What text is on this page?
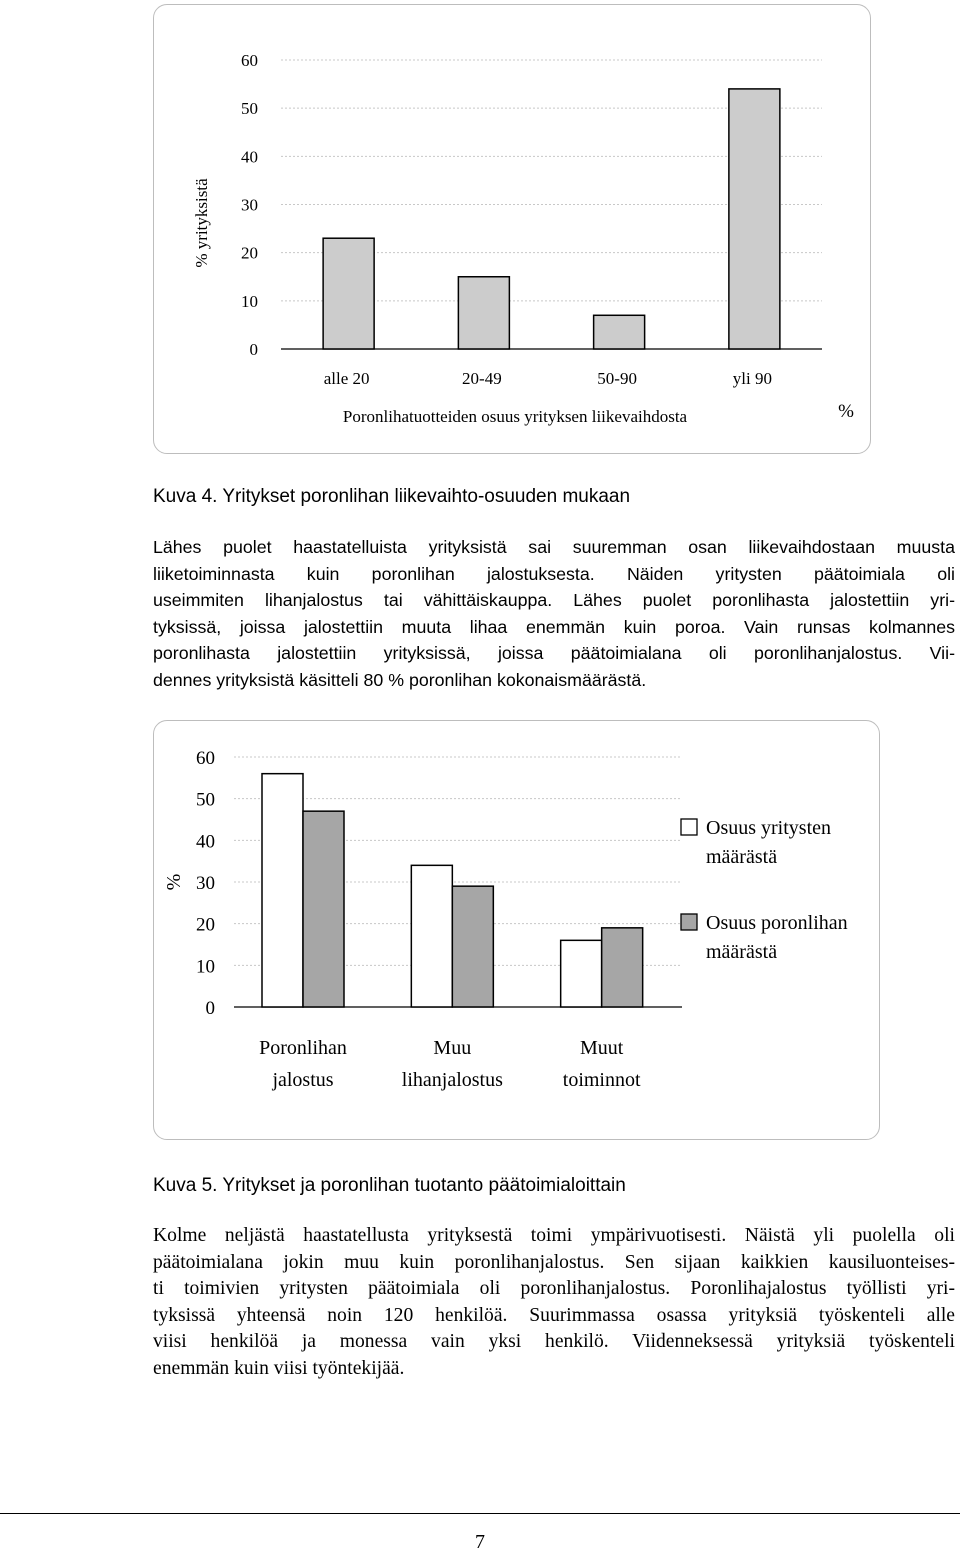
0
10
20
30
40
50
60
alle 20	20-49	50-90	yli 90
% yrityksistä
Poronlihatuotteiden osuus yrityksen liikevaihdosta	%

Kuva 4. Yritykset poronlihan liikevaihto-osuuden mukaan

Lähes puolet haastatelluista yrityksistä sai suuremman osan liikevaihdostaan muusta
liiketoiminnasta kuin poronlihan jalostuksesta. Näiden yritysten päätoimiala oli
useimmiten lihanjalostus tai vähittäiskauppa. Lähes puolet poronlihasta jalostettiin yri-
tyksissä, joissa jalostettiin muuta lihaa enemmän kuin poroa. Vain runsas kolmannes
poronlihasta jalostettiin yrityksissä, joissa päätoimialana oli poronlihanjalostus. Vii-
dennes yrityksistä käsitteli 80 % poronlihan kokonaismäärästä.
0
10
20
30
40
50
60
Poronlihan
jalostus
Muu
lihanjalostus
Muut
toiminnot
%
Osuus yritysten
määrästä
Osuus poronlihan
määrästä

Kuva 5. Yritykset ja poronlihan tuotanto päätoimialoittain

Kolme neljästä haastatellusta yrityksestä toimi ympärivuotisesti. Näistä yli puolella oli
päätoimialana jokin muu kuin poronlihanjalostus. Sen sijaan kaikkien kausiluonteises-
ti toimivien yritysten päätoimiala oli poronlihanjalostus. Poronlihajalostus työllisti yri-
tyksissä yhteensä noin 120 henkilöä. Suurimmassa osassa yrityksiä työskenteli alle
viisi henkilöä ja monessa vain yksi henkilö. Viidenneksessä yrityksiä työskenteli
enemmän kuin viisi työntekijää.
7
